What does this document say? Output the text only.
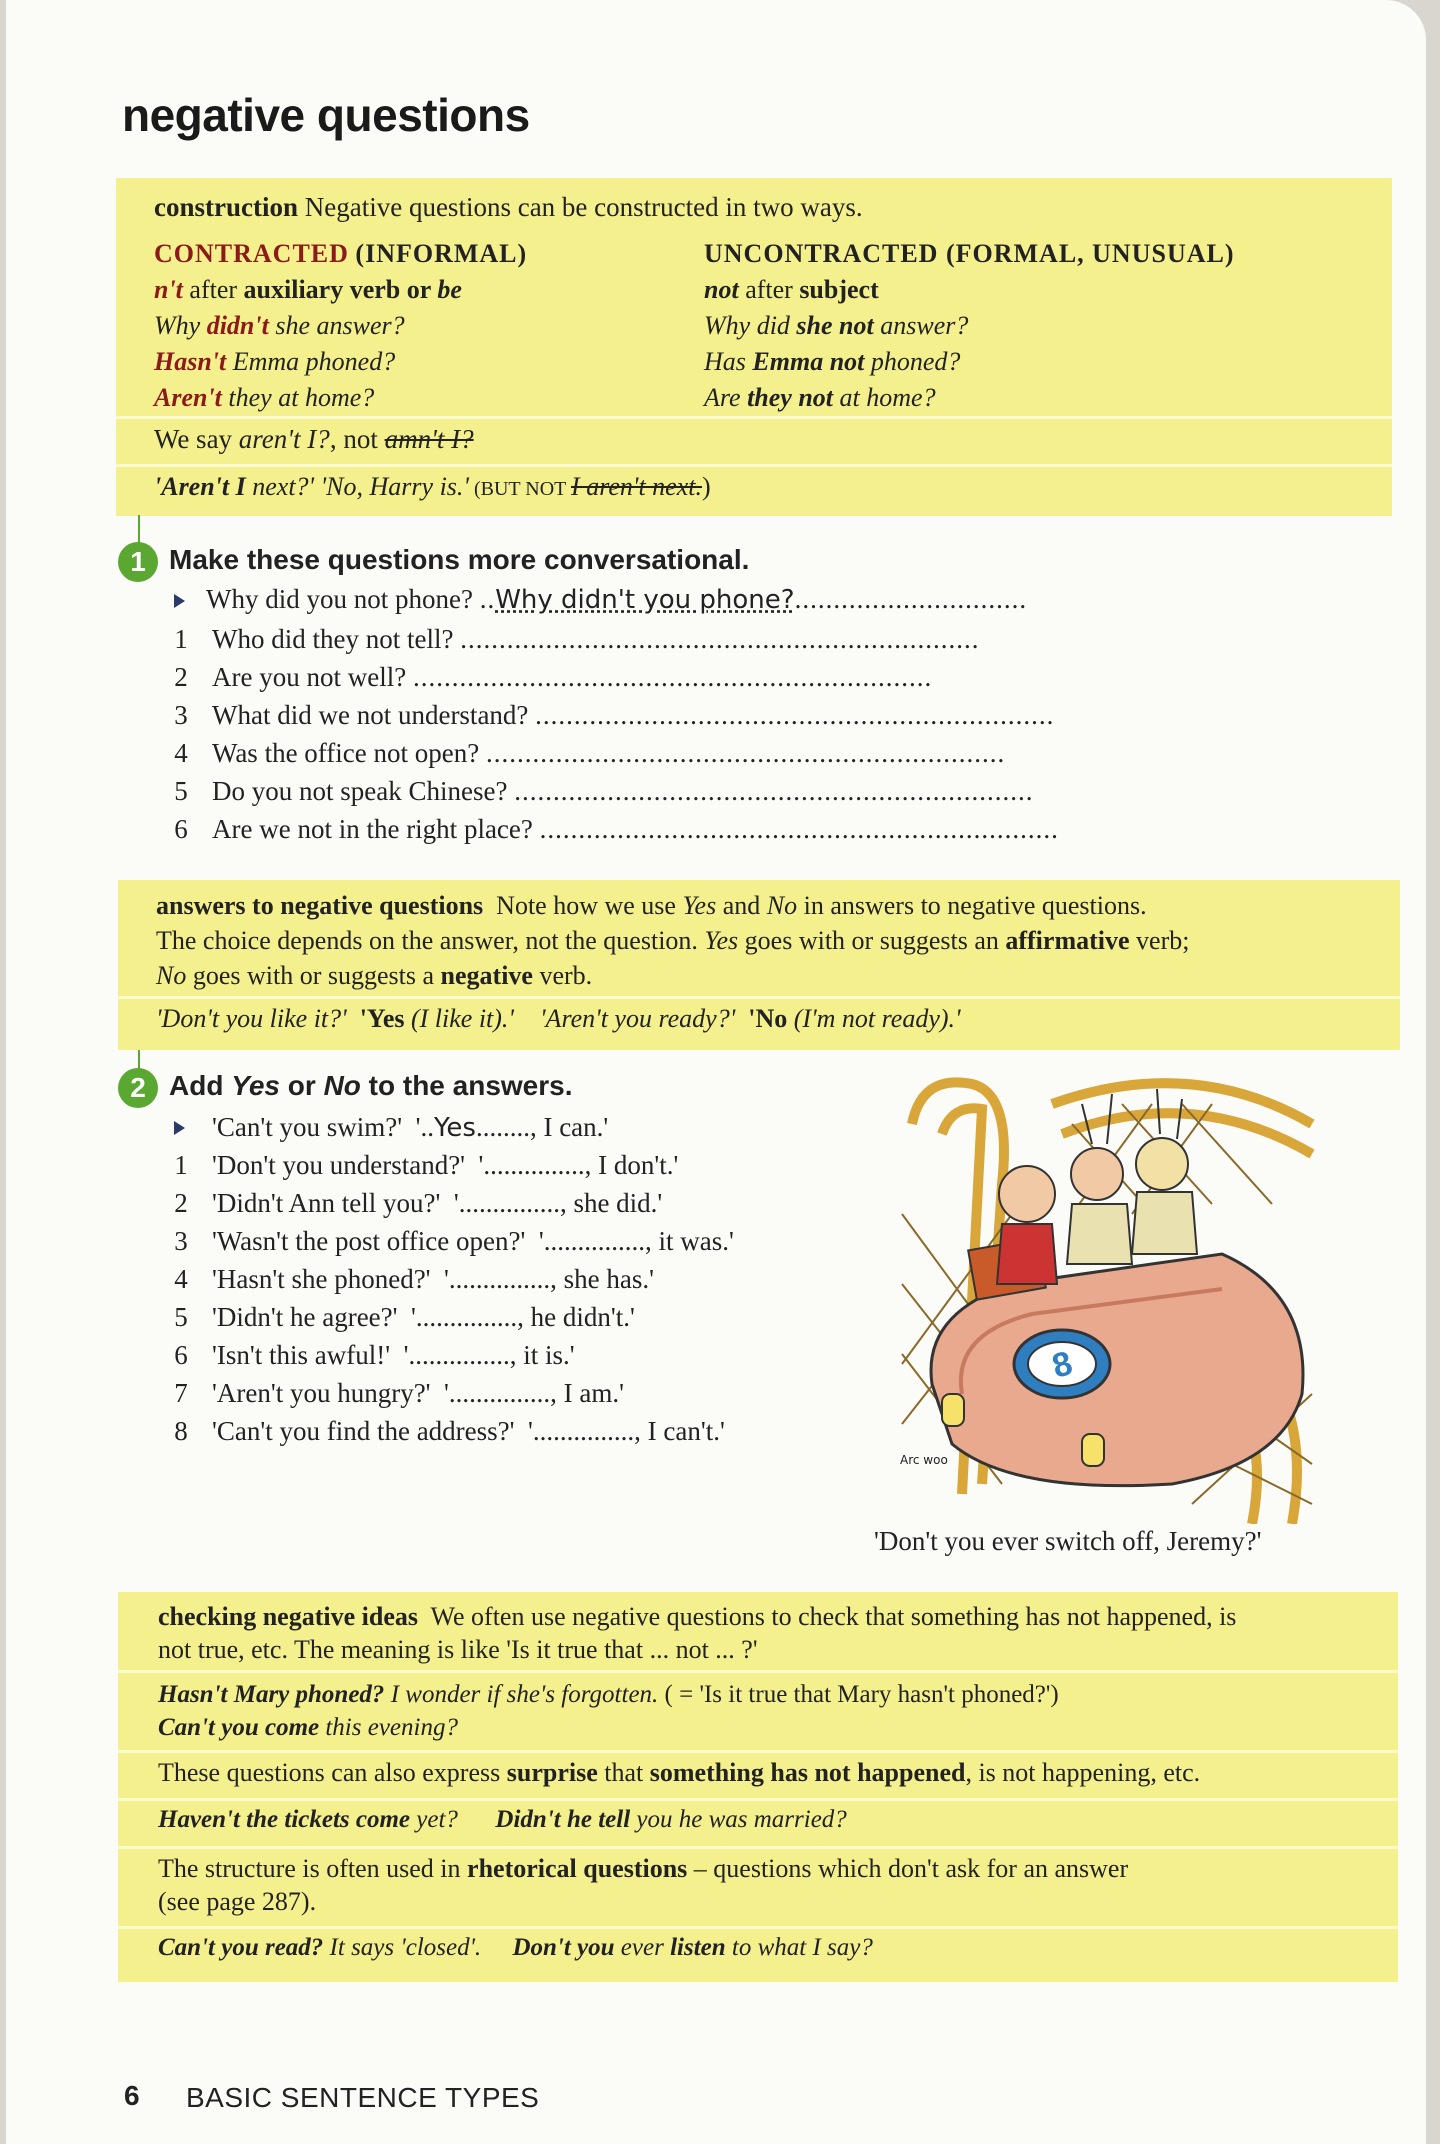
negative questions
construction Negative questions can be constructed in two ways.
CONTRACTED (INFORMAL)
n't after auxiliary verb or be
Why didn't she answer?
Hasn't Emma phoned?
Aren't they at home?
UNCONTRACTED (FORMAL, UNUSUAL)
not after subject
Why did she not answer?
Has Emma not phoned?
Are they not at home?
We say aren't I?, not amn't I?
'Aren't I next?' 'No, Harry is.' (BUT NOT I aren't next.)
1 Make these questions more conversational.
Why did you not phone? ..Why didn't you phone?..............................
1 Who did they not tell? ...................................................................
2 Are you not well? ...................................................................
3 What did we not understand? ...................................................................
4 Was the office not open? ...................................................................
5 Do you not speak Chinese? ...................................................................
6 Are we not in the right place? ...................................................................
answers to negative questions Note how we use Yes and No in answers to negative questions.
The choice depends on the answer, not the question. Yes goes with or suggests an affirmative verb;
No goes with or suggests a negative verb.
'Don't you like it?' 'Yes (I like it).' 'Aren't you ready?' 'No (I'm not ready).'
2 Add Yes or No to the answers.
'Can't you swim?' '..Yes........, I can.'
1 'Don't you understand?' '..............., I don't.'
2 'Didn't Ann tell you?' '..............., she did.'
3 'Wasn't the post office open?' '..............., it was.'
4 'Hasn't she phoned?' '..............., she has.'
5 'Didn't he agree?' '..............., he didn't.'
6 'Isn't this awful!' '..............., it is.'
7 'Aren't you hungry?' '..............., I am.'
8 'Can't you find the address?' '..............., I can't.'
8
Arc woo
'Don't you ever switch off, Jeremy?'
checking negative ideas We often use negative questions to check that something has not happened, is
not true, etc. The meaning is like 'Is it true that ... not ... ?'
Hasn't Mary phoned? I wonder if she's forgotten. ( = 'Is it true that Mary hasn't phoned?')
Can't you come this evening?
These questions can also express surprise that something has not happened, is not happening, etc.
Haven't the tickets come yet? Didn't he tell you he was married?
The structure is often used in rhetorical questions – questions which don't ask for an answer
(see page 287).
Can't you read? It says 'closed'. Don't you ever listen to what I say?
6 BASIC SENTENCE TYPES
